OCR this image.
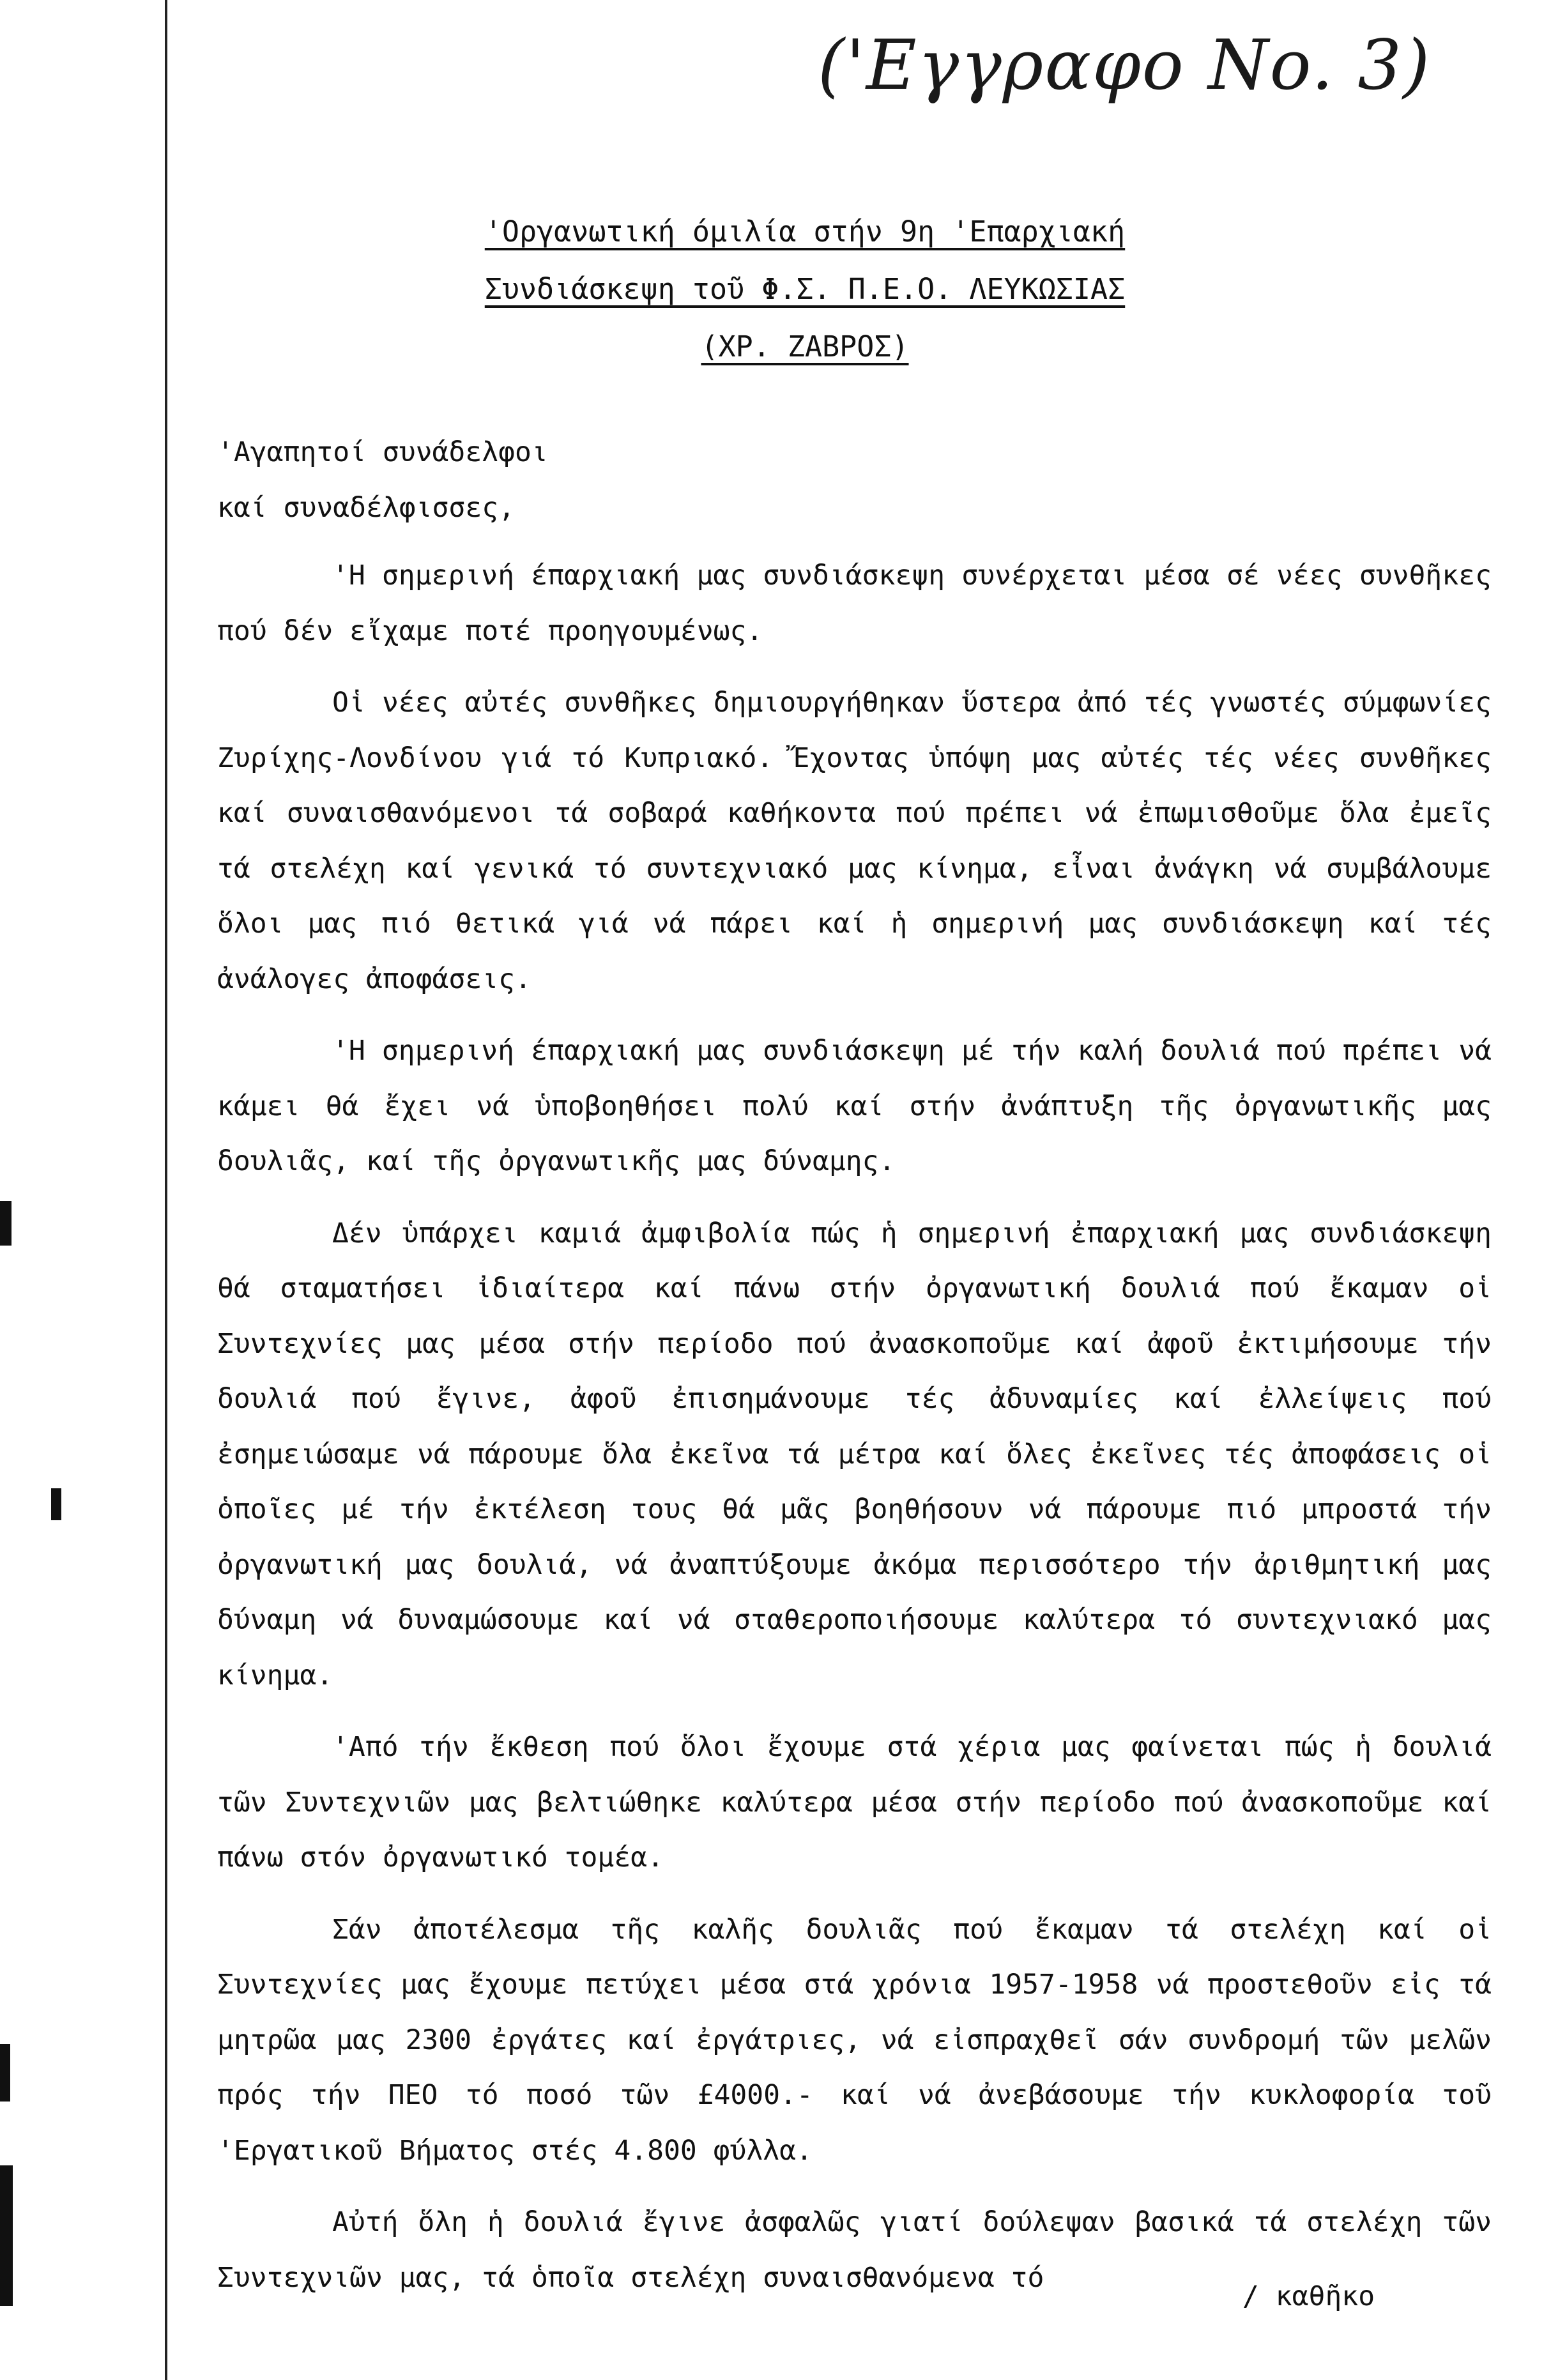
('Εγγραφο No. 3)
'Οργανωτική όμιλία στήν 9η 'Επαρχιακή
Συνδιάσκεψη τοῦ Φ.Σ. Π.Ε.Ο. ΛΕΥΚΩΣΙΑΣ
(ΧΡ. ΖΑΒΡΟΣ)
'Αγαπητοί συνάδελφοι
καί συναδέλφισσες,

'Η σημερινή έπαρχιακή μας συνδιάσκεψη συνέρχεται μέσα σέ νέες συνθῆκες πού δέν εἴχαμε ποτέ προηγουμένως.

Οἱ νέες αὐτές συνθῆκες δημιουργήθηκαν ὕστερα ἀπό τές γνωστές σύμφωνίες Ζυρίχης-Λονδίνου γιά τό Κυπριακό. Ἔχοντας ὑπόψη μας αὐτές τές νέες συνθῆκες καί συναισθανόμενοι τά σοβαρά καθήκοντα πού πρέπει νά ἐπωμισθοῦμε ὅλα ἐμεῖς τά στελέχη καί γενικά τό συντεχνιακό μας κίνημα, εἶναι ἀνάγκη νά συμβάλουμε ὅλοι μας πιό θετικά γιά νά πάρει καί ἡ σημερινή μας συνδιάσκεψη καί τές ἀνάλογες ἀποφάσεις.

'Η σημερινή έπαρχιακή μας συνδιάσκεψη μέ τήν καλή δουλιά πού πρέπει νά κάμει θά ἔχει νά ὑποβοηθήσει πολύ καί στήν ἀνάπτυξη τῆς ὀργανωτικῆς μας δουλιᾶς, καί τῆς ὀργανωτικῆς μας δύναμης.

Δέν ὑπάρχει καμιά ἀμφιβολία πώς ἡ σημερινή ἐπαρχιακή μας συνδιάσκεψη θά σταματήσει ἰδιαίτερα καί πάνω στήν ὀργανωτική δουλιά πού ἔκαμαν οἱ Συντεχνίες μας μέσα στήν περίοδο πού ἀνασκοποῦμε καί ἀφοῦ ἐκτιμήσουμε τήν δουλιά πού ἔγινε, ἀφοῦ ἐπισημάνουμε τές ἀδυναμίες καί ἐλλείψεις πού ἐσημειώσαμε νά πάρουμε ὅλα ἐκεῖνα τά μέτρα καί ὅλες ἐκεῖνες τές ἀποφάσεις οἱ ὁποῖες μέ τήν ἐκτέλεση τους θά μᾶς βοηθήσουν νά πάρουμε πιό μπροστά τήν ὀργανωτική μας δουλιά, νά ἀναπτύξουμε ἀκόμα περισσότερο τήν ἀριθμητική μας δύναμη νά δυναμώσουμε καί νά σταθεροποιήσουμε καλύτερα τό συντεχνιακό μας κίνημα.

'Από τήν ἔκθεση πού ὅλοι ἔχουμε στά χέρια μας φαίνεται πώς ἡ δουλιά τῶν Συντεχνιῶν μας βελτιώθηκε καλύτερα μέσα στήν περίοδο πού ἀνασκοποῦμε καί πάνω στόν ὀργανωτικό τομέα.

Σάν ἀποτέλεσμα τῆς καλῆς δουλιᾶς πού ἔκαμαν τά στελέχη καί οἱ Συντεχνίες μας ἔχουμε πετύχει μέσα στά χρόνια 1957-1958 νά προστεθοῦν εἰς τά μητρῶα μας 2300 ἐργάτες καί ἐργάτριες, νά εἰσπραχθεῖ σάν συνδρομή τῶν μελῶν πρός τήν ΠΕΟ τό ποσό τῶν £4000.- καί νά ἀνεβάσουμε τήν κυκλοφορία τοῦ 'Εργατικοῦ Βήματος στές 4.800 φύλλα.

Αὐτή ὅλη ἡ δουλιά ἔγινε ἀσφαλῶς γιατί δούλεψαν βασικά τά στελέχη τῶν Συντεχνιῶν μας, τά ὁποῖα στελέχη συναισθανόμενα τό

/ καθῆκο
